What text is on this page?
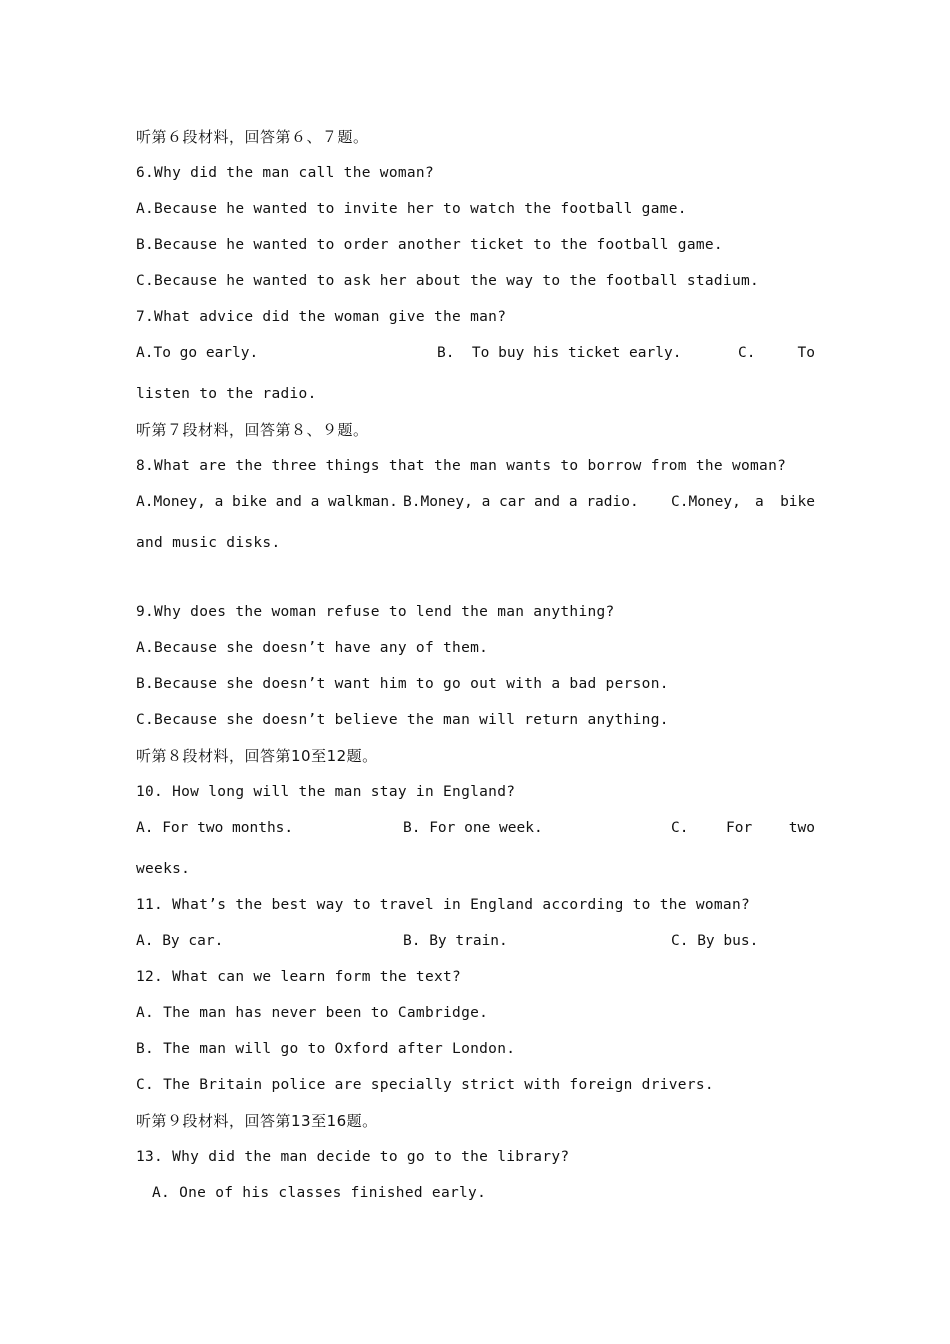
听第６段材料，回答第６、７题。
6.Why did the man call the woman?
A.Because he wanted to invite her to watch the football game.
B.Because he wanted to order another ticket to the football game.
C.Because he wanted to ask her about the way to the football stadium.
7.What advice did the woman give the man?

A.To go early.

	B.  To buy his ticket early.

	C.

	To

listen to the radio.
听第７段材料，回答第８、９题。
8.What are the three things that the man wants to borrow from the woman?

A.Money, a bike and a walkman.

B.Money, a car and a radio.

C.Money,

a

bike

and music disks.
9.Why does the woman refuse to lend the man anything?
A.Because she doesn’t have any of them.
B.Because she doesn’t want him to go out with a bad person.
C.Because she doesn’t believe the man will return anything.
听第８段材料，回答第10至12题。
10. How long will the man stay in England?

A. For two months.

	B. For one week.

	C.

	For

	two

weeks.
11. What’s the best way to travel in England according to the woman?

A. By car.

	B. By train.

	C. By bus.

12. What can we learn form the text?
A. The man has never been to Cambridge.
B. The man will go to Oxford after London.
C. The Britain police are specially strict with foreign drivers.
听第９段材料，回答第13至16题。
13. Why did the man decide to go to the library?
A. One of his classes finished early.
